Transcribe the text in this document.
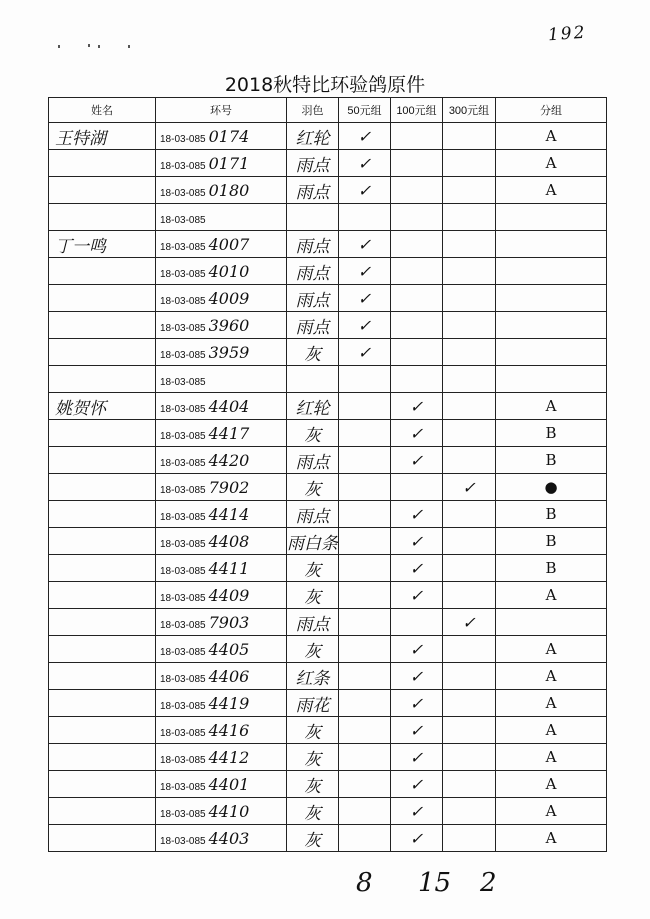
192
2018秋特比环验鸽原件
姓名	环号	羽色	50元组	100元组	300元组	分组
王特湖	18-03-085 0174	红轮	✓			A
	18-03-085 0171	雨点	✓			A
	18-03-085 0180	雨点	✓			A
	18-03-085					
丁一鸣	18-03-085 4007	雨点	✓			
	18-03-085 4010	雨点	✓			
	18-03-085 4009	雨点	✓			
	18-03-085 3960	雨点	✓			
	18-03-085 3959	灰	✓			
	18-03-085					
姚贺怀	18-03-085 4404	红轮		✓		A
	18-03-085 4417	灰		✓		B
	18-03-085 4420	雨点		✓		B
	18-03-085 7902	灰			✓	●
	18-03-085 4414	雨点		✓		B
	18-03-085 4408	雨白条		✓		B
	18-03-085 4411	灰		✓		B
	18-03-085 4409	灰		✓		A
	18-03-085 7903	雨点			✓	
	18-03-085 4405	灰		✓		A
	18-03-085 4406	红条		✓		A
	18-03-085 4419	雨花		✓		A
	18-03-085 4416	灰		✓		A
	18-03-085 4412	灰		✓		A
	18-03-085 4401	灰		✓		A
	18-03-085 4410	灰		✓		A
	18-03-085 4403	灰		✓		A
8 15 2
